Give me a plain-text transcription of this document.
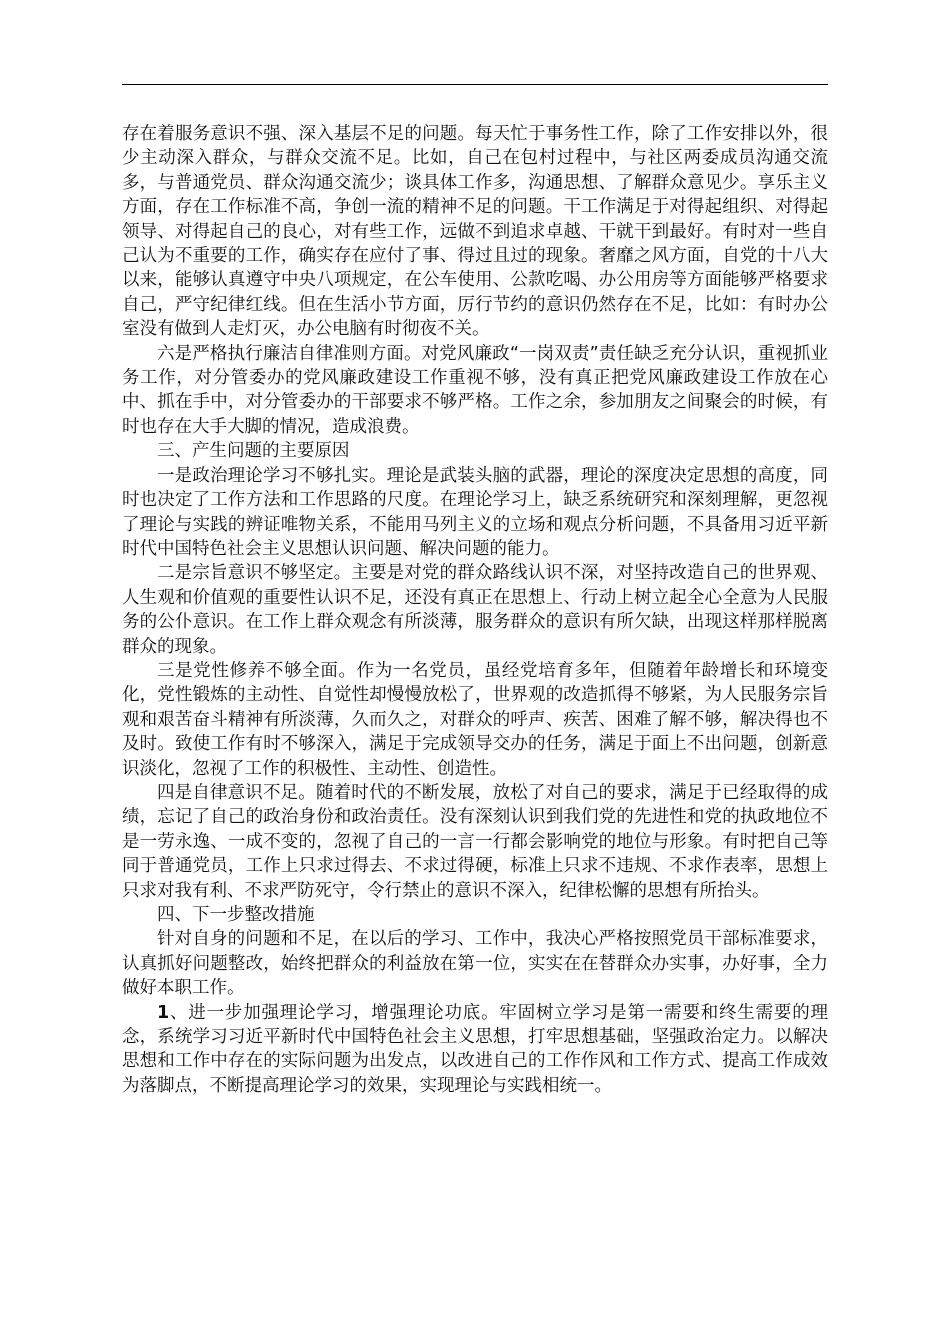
存在着服务意识不强、深入基层不足的问题。每天忙于事务性工作，除了工作安排以外，很少主动深入群众，与群众交流不足。比如，自己在包村过程中，与社区两委成员沟通交流多，与普通党员、群众沟通交流少；谈具体工作多，沟通思想、了解群众意见少。享乐主义方面，存在工作标准不高，争创一流的精神不足的问题。干工作满足于对得起组织、对得起领导、对得起自己的良心，对有些工作，远做不到追求卓越、干就干到最好。有时对一些自己认为不重要的工作，确实存在应付了事、得过且过的现象。奢靡之风方面，自党的十八大以来，能够认真遵守中央八项规定，在公车使用、公款吃喝、办公用房等方面能够严格要求自己，严守纪律红线。但在生活小节方面，厉行节约的意识仍然存在不足，比如：有时办公室没有做到人走灯灭，办公电脑有时彻夜不关。

六是严格执行廉洁自律准则方面。对党风廉政“一岗双责”责任缺乏充分认识，重视抓业务工作，对分管委办的党风廉政建设工作重视不够，没有真正把党风廉政建设工作放在心中、抓在手中，对分管委办的干部要求不够严格。工作之余，参加朋友之间聚会的时候，有时也存在大手大脚的情况，造成浪费。

三、产生问题的主要原因

一是政治理论学习不够扎实。理论是武装头脑的武器，理论的深度决定思想的高度，同时也决定了工作方法和工作思路的尺度。在理论学习上，缺乏系统研究和深刻理解，更忽视了理论与实践的辨证唯物关系，不能用马列主义的立场和观点分析问题，不具备用习近平新时代中国特色社会主义思想认识问题、解决问题的能力。

二是宗旨意识不够坚定。主要是对党的群众路线认识不深，对坚持改造自己的世界观、人生观和价值观的重要性认识不足，还没有真正在思想上、行动上树立起全心全意为人民服务的公仆意识。在工作上群众观念有所淡薄，服务群众的意识有所欠缺，出现这样那样脱离群众的现象。

三是党性修养不够全面。作为一名党员，虽经党培育多年，但随着年龄增长和环境变化，党性锻炼的主动性、自觉性却慢慢放松了，世界观的改造抓得不够紧，为人民服务宗旨观和艰苦奋斗精神有所淡薄，久而久之，对群众的呼声、疾苦、困难了解不够，解决得也不及时。致使工作有时不够深入，满足于完成领导交办的任务，满足于面上不出问题，创新意识淡化，忽视了工作的积极性、主动性、创造性。

四是自律意识不足。随着时代的不断发展，放松了对自己的要求，满足于已经取得的成绩，忘记了自己的政治身份和政治责任。没有深刻认识到我们党的先进性和党的执政地位不是一劳永逸、一成不变的，忽视了自己的一言一行都会影响党的地位与形象。有时把自己等同于普通党员，工作上只求过得去、不求过得硬，标准上只求不违规、不求作表率，思想上只求对我有利、不求严防死守，令行禁止的意识不深入，纪律松懈的思想有所抬头。

四、下一步整改措施

针对自身的问题和不足，在以后的学习、工作中，我决心严格按照党员干部标准要求，认真抓好问题整改，始终把群众的利益放在第一位，实实在在替群众办实事，办好事，全力做好本职工作。

1、进一步加强理论学习，增强理论功底。牢固树立学习是第一需要和终生需要的理念，系统学习习近平新时代中国特色社会主义思想，打牢思想基础，坚强政治定力。以解决思想和工作中存在的实际问题为出发点，以改进自己的工作作风和工作方式、提高工作成效为落脚点，不断提高理论学习的效果，实现理论与实践相统一。
